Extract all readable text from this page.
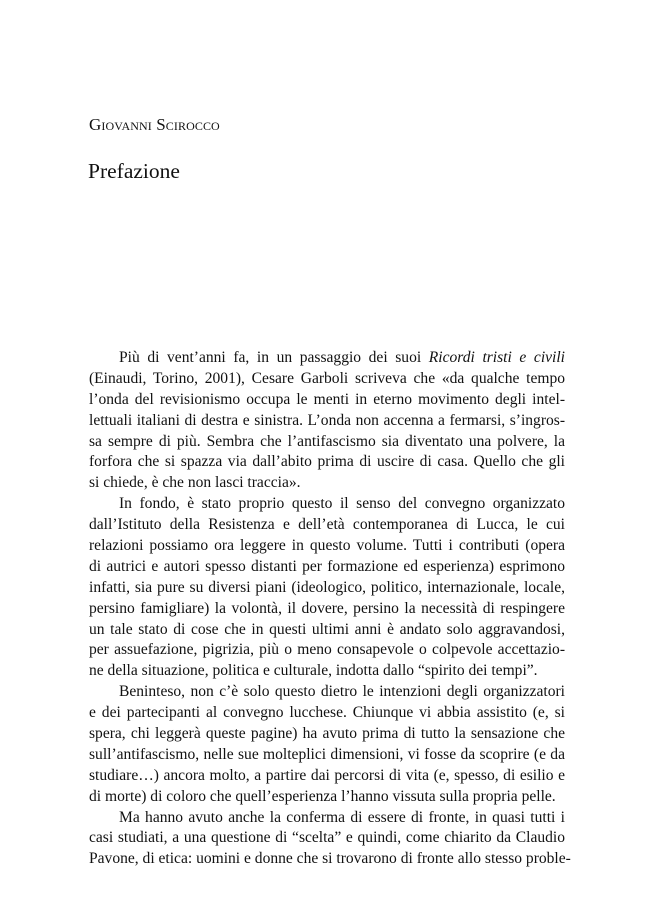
Giovanni Scirocco
Prefazione
Più di vent’anni fa, in un passaggio dei suoi Ricordi tristi e civili
(Einaudi, Torino, 2001), Cesare Garboli scriveva che «da qualche tempo
l’onda del revisionismo occupa le menti in eterno movimento degli intel-
lettuali italiani di destra e sinistra. L’onda non accenna a fermarsi, s’ingros-
sa sempre di più. Sembra che l’antifascismo sia diventato una polvere, la
forfora che si spazza via dall’abito prima di uscire di casa. Quello che gli
si chiede, è che non lasci traccia».
In fondo, è stato proprio questo il senso del convegno organizzato
dall’Istituto della Resistenza e dell’età contemporanea di Lucca, le cui
relazioni possiamo ora leggere in questo volume. Tutti i contributi (opera
di autrici e autori spesso distanti per formazione ed esperienza) esprimono
infatti, sia pure su diversi piani (ideologico, politico, internazionale, locale,
persino famigliare) la volontà, il dovere, persino la necessità di respingere
un tale stato di cose che in questi ultimi anni è andato solo aggravandosi,
per assuefazione, pigrizia, più o meno consapevole o colpevole accettazio-
ne della situazione, politica e culturale, indotta dallo “spirito dei tempi”.
Beninteso, non c’è solo questo dietro le intenzioni degli organizzatori
e dei partecipanti al convegno lucchese. Chiunque vi abbia assistito (e, si
spera, chi leggerà queste pagine) ha avuto prima di tutto la sensazione che
sull’antifascismo, nelle sue molteplici dimensioni, vi fosse da scoprire (e da
studiare…) ancora molto, a partire dai percorsi di vita (e, spesso, di esilio e
di morte) di coloro che quell’esperienza l’hanno vissuta sulla propria pelle.
Ma hanno avuto anche la conferma di essere di fronte, in quasi tutti i
casi studiati, a una questione di “scelta” e quindi, come chiarito da Claudio
Pavone, di etica: uomini e donne che si trovarono di fronte allo stesso proble-
